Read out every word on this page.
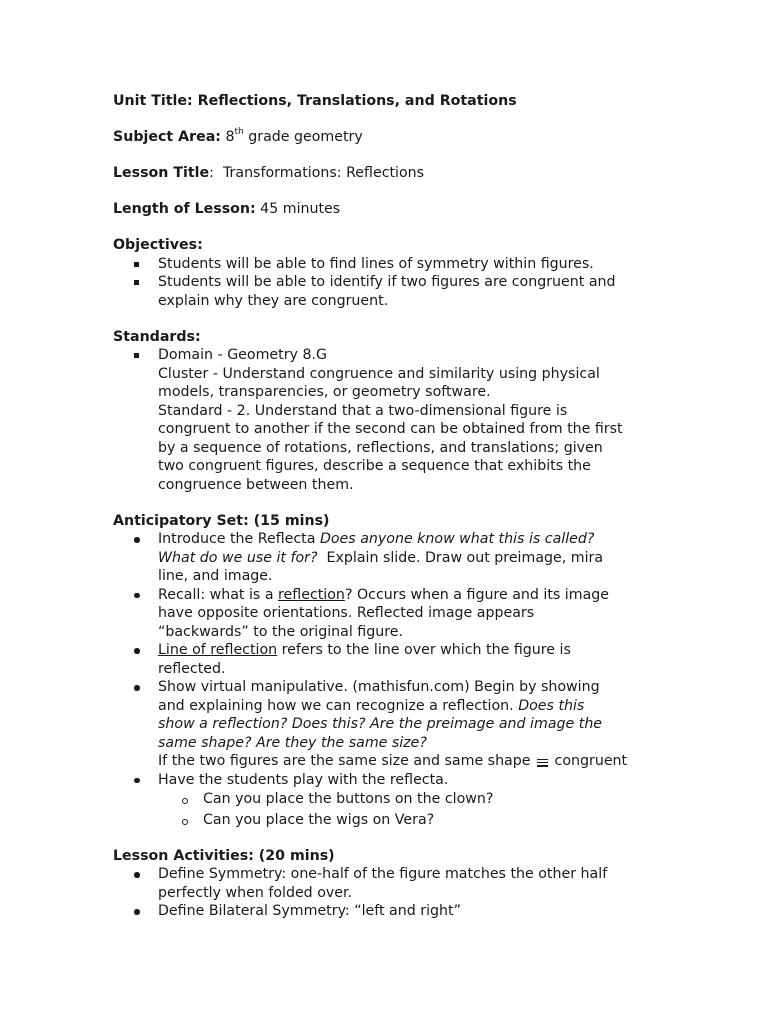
Unit Title: Reflections, Translations, and Rotations
Subject Area: 8th grade geometry
Lesson Title:  Transformations: Reflections
Length of Lesson: 45 minutes
Objectives:
Students will be able to find lines of symmetry within figures.
Students will be able to identify if two figures are congruent and
explain why they are congruent.
Standards:
Domain - Geometry 8.G
Cluster - Understand congruence and similarity using physical
models, transparencies, or geometry software.
Standard - 2. Understand that a two-dimensional figure is
congruent to another if the second can be obtained from the first
by a sequence of rotations, reflections, and translations; given
two congruent figures, describe a sequence that exhibits the
congruence between them.
Anticipatory Set: (15 mins)
Introduce the Reflecta Does anyone know what this is called?
What do we use it for?  Explain slide. Draw out preimage, mira
line, and image.
Recall: what is a reflection? Occurs when a figure and its image
have opposite orientations. Reflected image appears
“backwards” to the original figure.
Line of reflection refers to the line over which the figure is
reflected.
Show virtual manipulative. (mathisfun.com) Begin by showing
and explaining how we can recognize a reflection. Does this
show a reflection? Does this? Are the preimage and image the
same shape? Are they the same size?
If the two figures are the same size and same shape
congruent
Have the students play with the reflecta.
Can you place the buttons on the clown?
Can you place the wigs on Vera?
Lesson Activities: (20 mins)
Define Symmetry: one-half of the figure matches the other half
perfectly when folded over.
Define Bilateral Symmetry: “left and right”
